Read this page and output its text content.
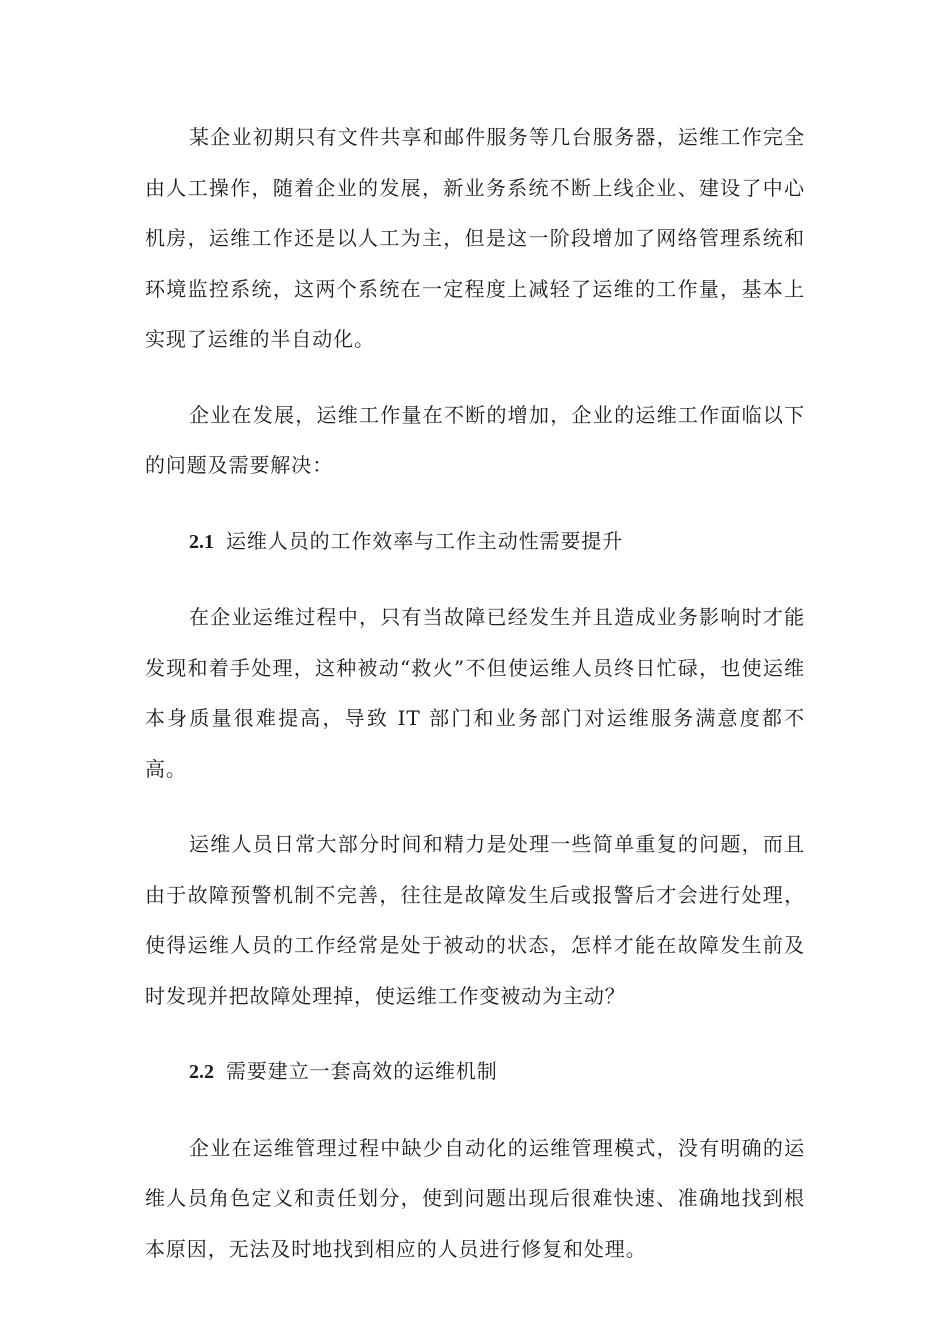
某企业初期只有文件共享和邮件服务等几台服务器，运维工作完全由人工操作，随着企业的发展，新业务系统不断上线企业、建设了中心机房，运维工作还是以人工为主，但是这一阶段增加了网络管理系统和环境监控系统，这两个系统在一定程度上减轻了运维的工作量，基本上实现了运维的半自动化。

企业在发展，运维工作量在不断的增加，企业的运维工作面临以下的问题及需要解决：

2.1 运维人员的工作效率与工作主动性需要提升

在企业运维过程中，只有当故障已经发生并且造成业务影响时才能发现和着手处理，这种被动“救火”不但使运维人员终日忙碌，也使运维本身质量很难提高，导致 IT 部门和业务部门对运维服务满意度都不高。

运维人员日常大部分时间和精力是处理一些简单重复的问题，而且由于故障预警机制不完善，往往是故障发生后或报警后才会进行处理，使得运维人员的工作经常是处于被动的状态，怎样才能在故障发生前及时发现并把故障处理掉，使运维工作变被动为主动？

2.2 需要建立一套高效的运维机制

企业在运维管理过程中缺少自动化的运维管理模式，没有明确的运维人员角色定义和责任划分，使到问题出现后很难快速、准确地找到根本原因，无法及时地找到相应的人员进行修复和处理。
